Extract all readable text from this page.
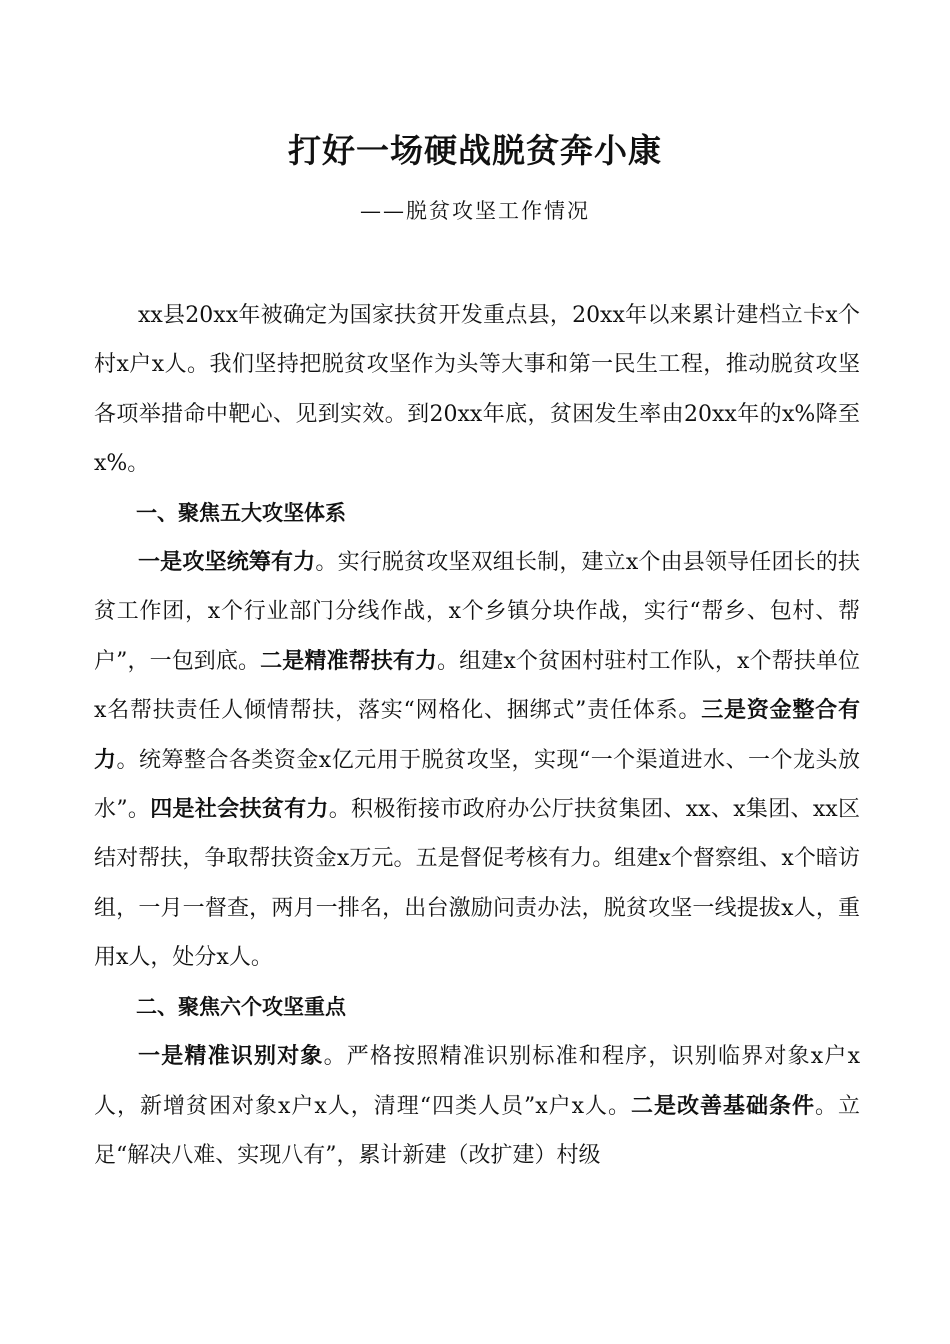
打好一场硬战脱贫奔小康
——脱贫攻坚工作情况

xx县20xx年被确定为国家扶贫开发重点县，20xx年以来累计建档立卡x个村x户x人。我们坚持把脱贫攻坚作为头等大事和第一民生工程，推动脱贫攻坚各项举措命中靶心、见到实效。到20xx年底，贫困发生率由20xx年的x%降至x%。

一、聚焦五大攻坚体系

一是攻坚统筹有力。实行脱贫攻坚双组长制，建立x个由县领导任团长的扶贫工作团，x个行业部门分线作战，x个乡镇分块作战，实行“帮乡、包村、帮户”，一包到底。二是精准帮扶有力。组建x个贫困村驻村工作队，x个帮扶单位x名帮扶责任人倾情帮扶，落实“网格化、捆绑式”责任体系。三是资金整合有力。统筹整合各类资金x亿元用于脱贫攻坚，实现“一个渠道进水、一个龙头放水”。四是社会扶贫有力。积极衔接市政府办公厅扶贫集团、xx、x集团、xx区结对帮扶，争取帮扶资金x万元。五是督促考核有力。组建x个督察组、x个暗访组，一月一督查，两月一排名，出台激励问责办法，脱贫攻坚一线提拔x人，重用x人，处分x人。

二、聚焦六个攻坚重点

一是精准识别对象。严格按照精准识别标准和程序，识别临界对象x户x人，新增贫困对象x户x人，清理“四类人员”x户x人。二是改善基础条件。立足“解决八难、实现八有”，累计新建（改扩建）村级
